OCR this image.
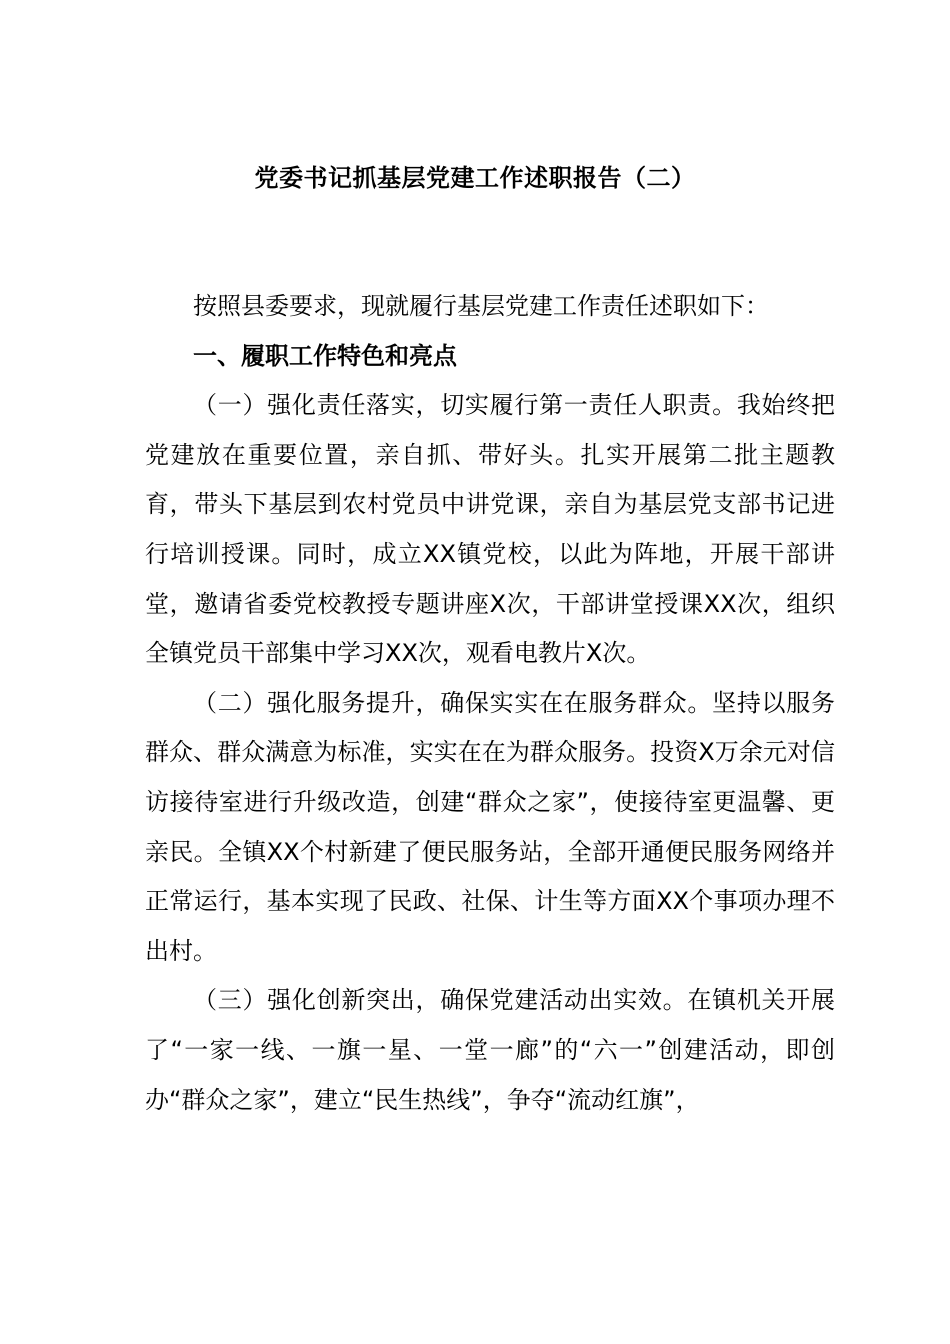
党委书记抓基层党建工作述职报告（二）

按照县委要求，现就履行基层党建工作责任述职如下：

一、履职工作特色和亮点

（一）强化责任落实，切实履行第一责任人职责。我始终把党建放在重要位置，亲自抓、带好头。扎实开展第二批主题教育，带头下基层到农村党员中讲党课，亲自为基层党支部书记进行培训授课。同时，成立XX镇党校，以此为阵地，开展干部讲堂，邀请省委党校教授专题讲座X次，干部讲堂授课XX次，组织全镇党员干部集中学习XX次，观看电教片X次。

（二）强化服务提升，确保实实在在服务群众。坚持以服务群众、群众满意为标准，实实在在为群众服务。投资X万余元对信访接待室进行升级改造，创建“群众之家”，使接待室更温馨、更亲民。全镇XX个村新建了便民服务站，全部开通便民服务网络并正常运行，基本实现了民政、社保、计生等方面XX个事项办理不出村。

（三）强化创新突出，确保党建活动出实效。在镇机关开展了“一家一线、一旗一星、一堂一廊”的“六一”创建活动，即创办“群众之家”，建立“民生热线”，争夺“流动红旗”，
